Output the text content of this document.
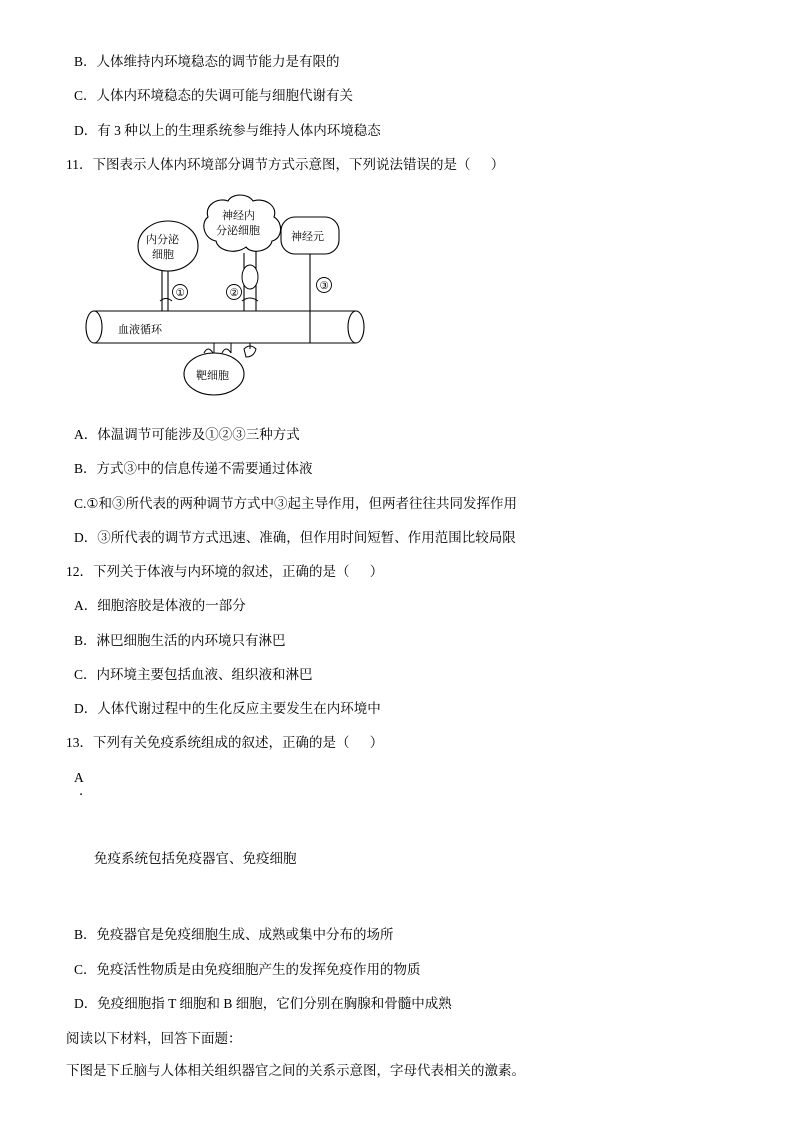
B．人体维持内环境稳态的调节能力是有限的
C．人体内环境稳态的失调可能与细胞代谢有关
D．有 3 种以上的生理系统参与维持人体内环境稳态
11．下图表示人体内环境部分调节方式示意图，下列说法错误的是（      ）
神经内
分泌细胞
内分泌
细胞
神经元
血液循环
①	②
③
靶细胞
A．体温调节可能涉及①②③三种方式
B．方式③中的信息传递不需要通过体液
C.①和③所代表的两种调节方式中③起主导作用，但两者往往共同发挥作用
D．③所代表的调节方式迅速、准确，但作用时间短暂、作用范围比较局限
12．下列关于体液与内环境的叙述，正确的是（      ）
A．细胞溶胶是体液的一部分
B．淋巴细胞生活的内环境只有淋巴
C．内环境主要包括血液、组织液和淋巴
D．人体代谢过程中的生化反应主要发生在内环境中
13．下列有关免疫系统组成的叙述，正确的是（      ）

A

．

免疫系统包括免疫器官、免疫细胞

B．免疫器官是免疫细胞生成、成熟或集中分布的场所
C．免疫活性物质是由免疫细胞产生的发挥免疫作用的物质
D．免疫细胞指 T 细胞和 B 细胞，它们分别在胸腺和骨髓中成熟
阅读以下材料，回答下面题：
下图是下丘脑与人体相关组织器官之间的关系示意图，字母代表相关的激素。
